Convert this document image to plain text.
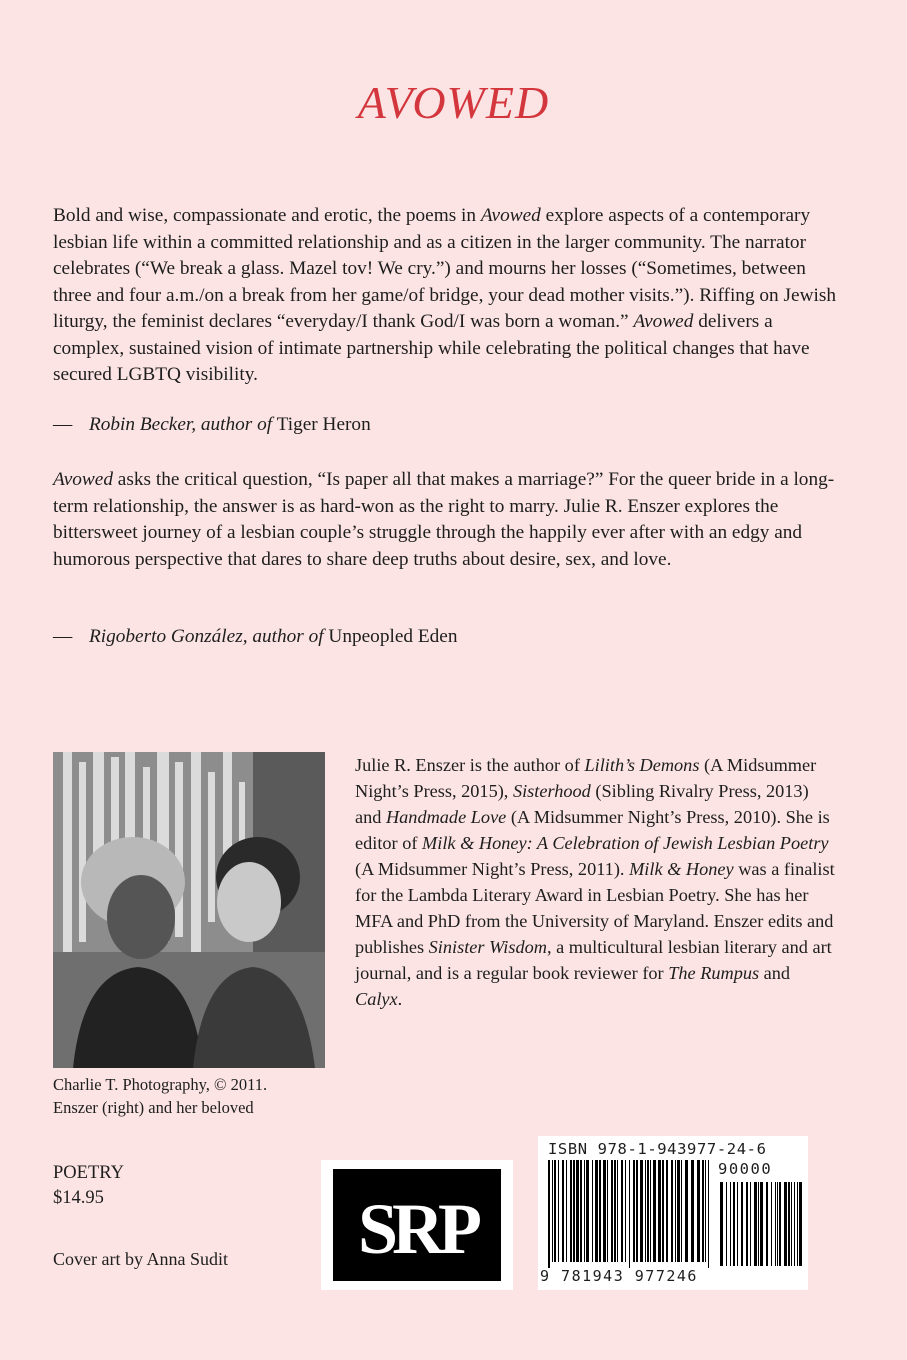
AVOWED

Bold and wise, compassionate and erotic, the poems in Avowed explore aspects of a contemporary lesbian life within a committed relationship and as a citizen in the larger community. The narrator celebrates (“We break a glass. Mazel tov! We cry.”) and mourns her losses (“Sometimes, between three and four a.m./on a break from her game/of bridge, your dead mother visits.”). Riffing on Jewish liturgy, the feminist declares “everyday/I thank God/I was born a woman.” Avowed delivers a complex, sustained vision of intimate partnership while celebrating the political changes that have secured LGBTQ visibility.

— Robin Becker, author of Tiger Heron

Avowed asks the critical question, “Is paper all that makes a marriage?” For the queer bride in a long-term relationship, the answer is as hard-won as the right to marry. Julie R. Enszer explores the bittersweet journey of a lesbian couple’s struggle through the happily ever after with an edgy and humorous perspective that dares to share deep truths about desire, sex, and love.

— Rigoberto González, author of Unpeopled Eden
Charlie T. Photography, © 2011.
Enszer (right) and her beloved

Julie R. Enszer is the author of Lilith’s Demons (A Midsummer Night’s Press, 2015), Sisterhood (Sibling Rivalry Press, 2013) and Handmade Love (A Midsummer Night’s Press, 2010). She is editor of Milk & Honey: A Celebration of Jewish Lesbian Poetry (A Midsummer Night’s Press, 2011). Milk & Honey was a finalist for the Lambda Literary Award in Lesbian Poetry. She has her MFA and PhD from the University of Maryland. Enszer edits and publishes Sinister Wisdom, a multicultural lesbian literary and art journal, and is a regular book reviewer for The Rumpus and Calyx.

POETRY
$14.95
Cover art by Anna Sudit SRP
ISBN 978-1-943977-24-6
90000
9 781943 977246
